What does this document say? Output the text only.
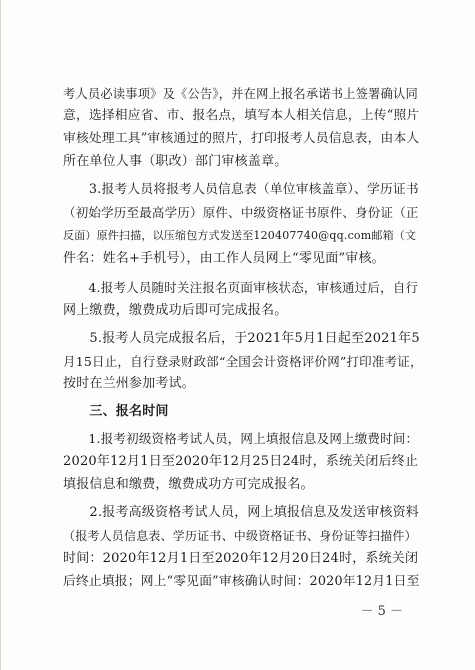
考人员必读事项》及《公告》，并在网上报名承诺书上签署确认同
意，选择相应省、市、报名点，填写本人相关信息，上传“照片
审核处理工具”审核通过的照片，打印报考人员信息表，由本人
所在单位人事（职改）部门审核盖章。
　　3.报考人员将报考人员信息表（单位审核盖章）、学历证书
（初始学历至最高学历）原件、中级资格证书原件、身份证（正
反面）原件扫描，以压缩包方式发送至120407740@qq.com邮箱（文
件名：姓名+手机号），由工作人员网上“零见面”审核。
　　4.报考人员随时关注报名页面审核状态，审核通过后，自行
网上缴费，缴费成功后即可完成报名。
　　5.报考人员完成报名后，于2021年5月1日起至2021年5
月15日止，自行登录财政部“全国会计资格评价网”打印准考证，
按时在兰州参加考试。
　　三、报名时间
　　1.报考初级资格考试人员，网上填报信息及网上缴费时间：
2020年12月1日至2020年12月25日24时，系统关闭后终止
填报信息和缴费，缴费成功方可完成报名。
　　2.报考高级资格考试人员，网上填报信息及发送审核资料
（报考人员信息表、学历证书、中级资格证书、身份证等扫描件）
时间：2020年12月1日至2020年12月20日24时，系统关闭
后终止填报；网上“零见面”审核确认时间：2020年12月1日至
－ 5 －
